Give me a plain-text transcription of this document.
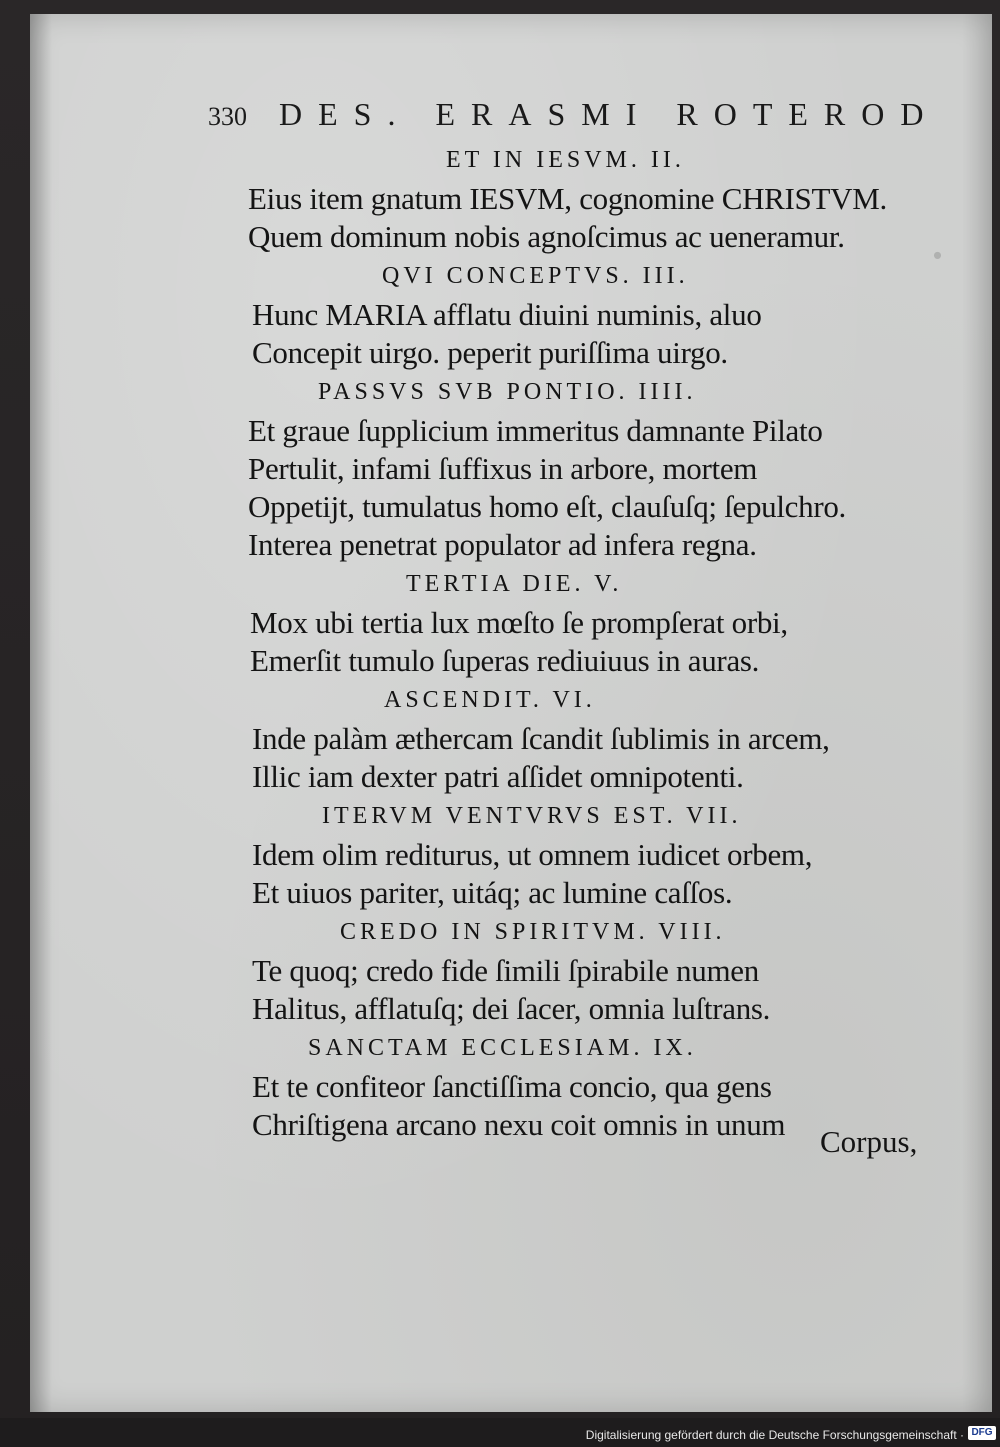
.
330 DES. ERASMI ROTEROD
ET IN IESVM. II.
Eius item gnatum IESVM, cognomine CHRISTVM.
Quem dominum nobis agnoſcimus ac ueneramur.
QVI CONCEPTVS. III.
Hunc MARIA afflatu diuini numinis, aluo
Concepit uirgo. peperit puriſſima uirgo.
PASSVS SVB PONTIO. IIII.
Et graue ſupplicium immeritus damnante Pilato
Pertulit, infami ſuffixus in arbore, mortem
Oppetijt, tumulatus homo eſt, clauſuſq; ſepulchro.
Interea penetrat populator ad infera regna.
TERTIA DIE. V.
Mox ubi tertia lux mœſto ſe prompſerat orbi,
Emerſit tumulo ſuperas rediuiuus in auras.
ASCENDIT. VI.
Inde palàm æthercam ſcandit ſublimis in arcem,
Illic iam dexter patri aſſidet omnipotenti.
ITERVM VENTVRVS EST. VII.
Idem olim rediturus, ut omnem iudicet orbem,
Et uiuos pariter, uitáq; ac lumine caſſos.
CREDO IN SPIRITVM. VIII.
Te quoq; credo fide ſimili ſpirabile numen
Halitus, afflatuſq; dei ſacer, omnia luſtrans.
SANCTAM ECCLESIAM. IX.
Et te confiteor ſanctiſſima concio, qua gens
Chriſtigena arcano nexu coit omnis in unum	Corpus,
Digitalisierung gefördert durch die Deutsche Forschungsgemeinschaft · DFG
